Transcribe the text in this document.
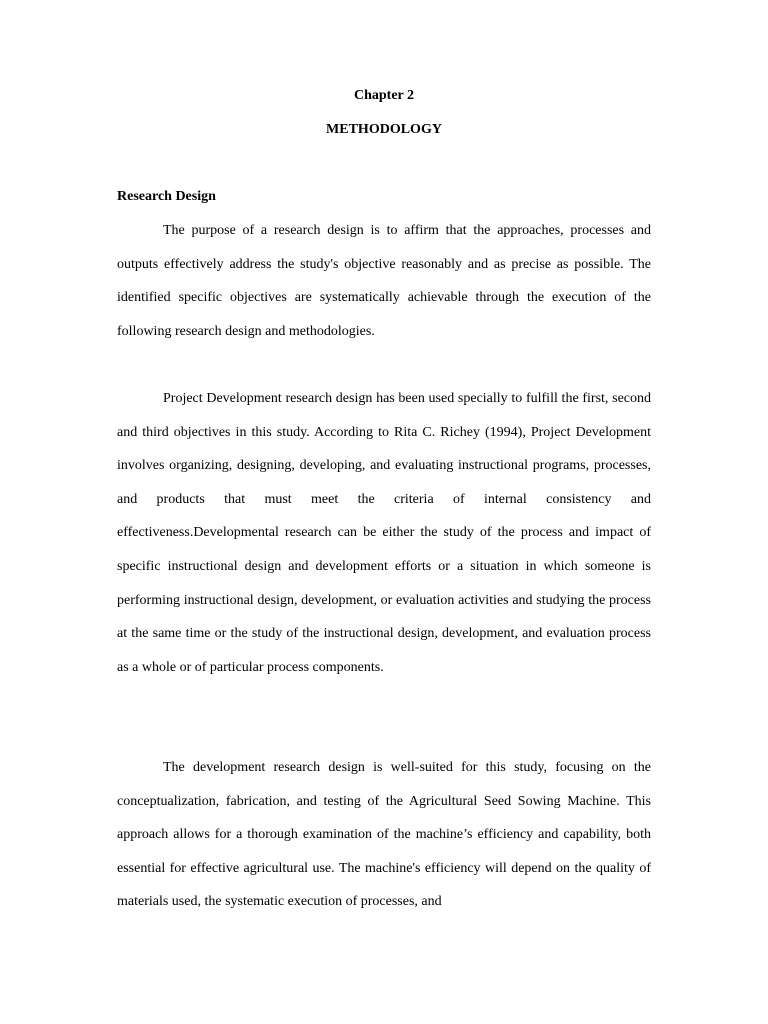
Chapter 2
METHODOLOGY
Research Design

The purpose of a research design is to affirm that the approaches, processes and outputs effectively address the study's objective reasonably and as precise as possible. The identified specific objectives are systematically achievable through the execution of the following research design and methodologies.

Project Development research design has been used specially to fulfill the first, second and third objectives in this study. According to Rita C. Richey (1994), Project Development involves organizing, designing, developing, and evaluating instructional programs, processes, and products that must meet the criteria of internal consistency and effectiveness.Developmental research can be either the study of the process and impact of specific instructional design and development efforts or a situation in which someone is performing instructional design, development, or evaluation activities and studying the process at the same time or the study of the instructional design, development, and evaluation process as a whole or of particular process components.

The development research design is well-suited for this study, focusing on the conceptualization, fabrication, and testing of the Agricultural Seed Sowing Machine. This approach allows for a thorough examination of the machine’s efficiency and capability, both essential for effective agricultural use. The machine's efficiency will depend on the quality of materials used, the systematic execution of processes, and
